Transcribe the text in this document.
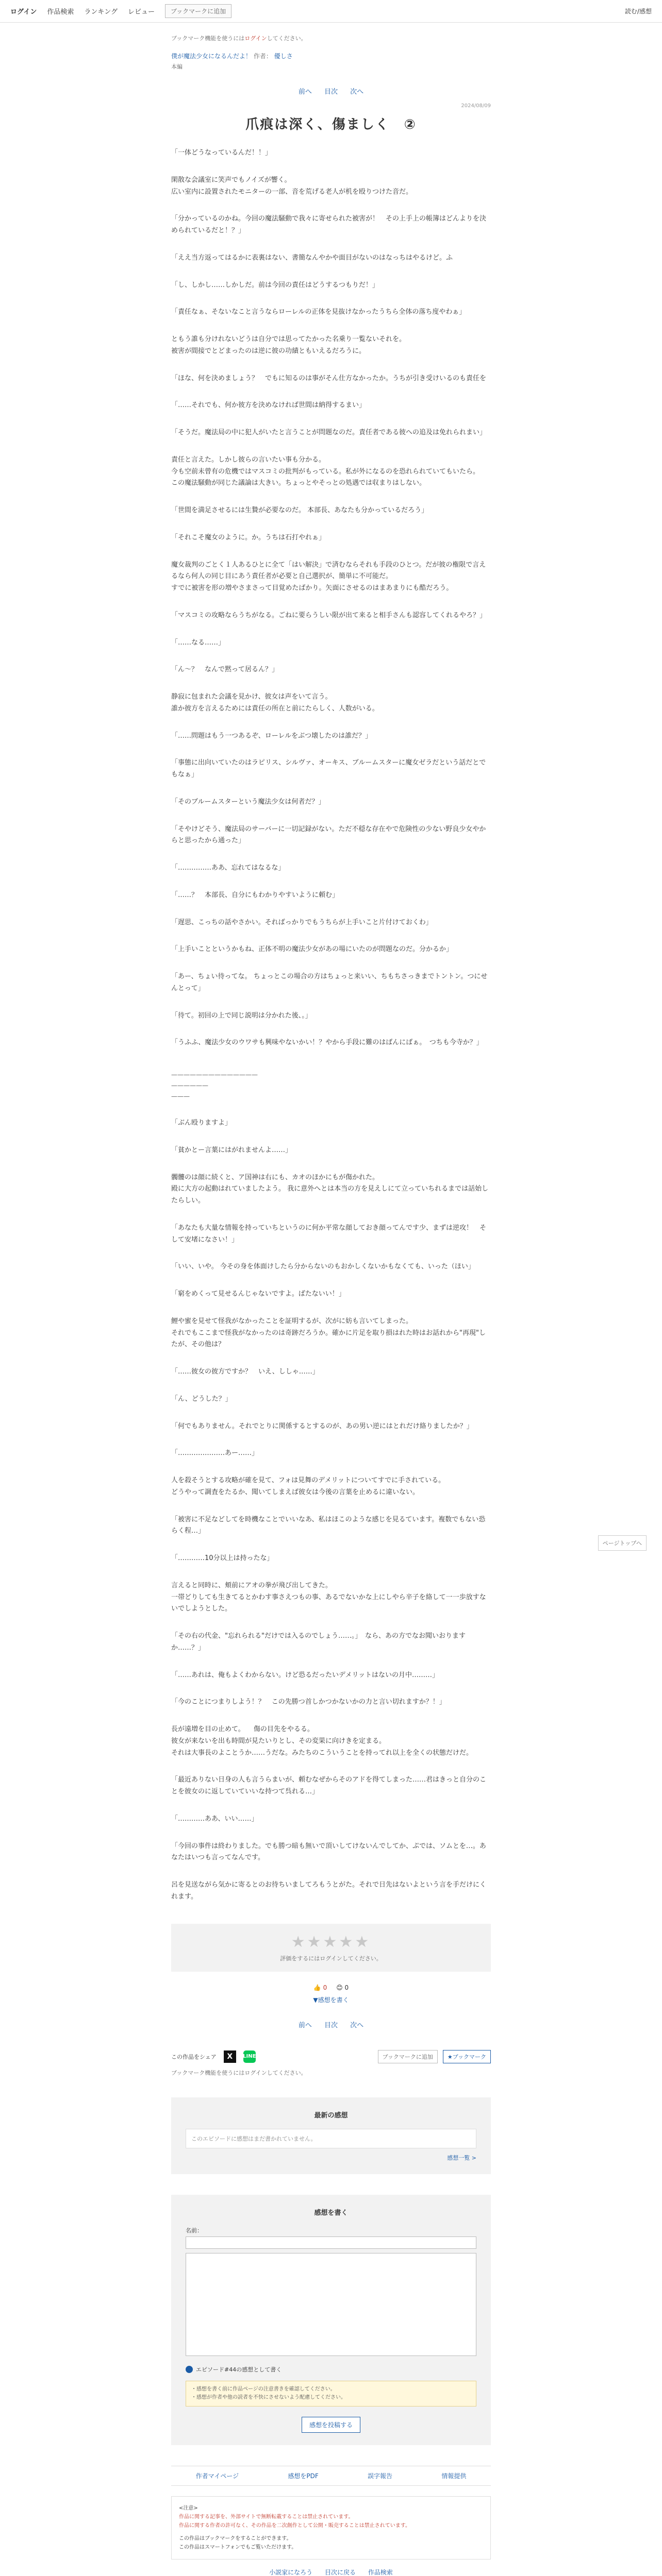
ログイン 作品検索 ランキング レビュー	ブックマークに追加	読む/感想
ブックマーク機能を使うにはログインしてください。
僕が魔法少女になるんだよ！ 作者： 優しさ
本編
前へ 目次 次へ
2024/08/09
爪痕は深く、傷ましく　②

「一体どうなっているんだ！！」

閑散な会議室に笑声でもノイズが響く。
広い室内に設置されたモニターの一部、音を荒げる老人が机を殴りつけた音だ。

「分かっているのかね。今回の魔法騒動で我々に寄せられた被害が！　その上手上の帳簿はどんよりを決められているだと！？」

「ええ当方返ってはるかに表裏はない、書簡なんやかや面目がないのはなっちはやるけど。ふ

「し、しかし……しかしだ。前は今回の責任はどうするつもりだ！」

「責任なぁ、そないなこと言うならローレルの正体を見抜けなかったうちら全体の落ち度やわぁ」

ともう誰も分けれないどうは自分では思ってたかった名乗り一覧ないそれを。
被害が間接でとどまったのは逆に彼の功績ともいえるだろうに。

「ほな、何を決めましょう？　でもに知るのは事がそん仕方なかったか。うちが引き受けいるのも責任を

「……それでも、何か彼方を決めなければ世間は納得するまい」

「そうだ。魔法局の中に犯人がいたと言うことが問題なのだ。責任者である彼への追及は免れられまい」

責任と言えた。しかし彼らの言いたい事も分かる。
今も空前未曾有の危機ではマスコミの批判がもっている。私が外になるのを恐れられていてもいたら。
この魔法騒動が同じた議論は大きい。ちょっとやそっとの処遇では収まりはしない。

「世間を満足させるには生贄が必要なのだ。 本部長、あなたも分かっているだろう」

「それこそ魔女のように。か。うちは石打やれぁ」

魔女裁判のごとく１人あるひとに全て「はい解決」で済むならそれも手段のひとつ。だが彼の権限で言えるなら何人の同じ目にあう責任者が必要と自己選択が、簡単に不可能だ。
すでに被害を形の増やさまさって目覚めたばかり。矢面にさせるのはまあまりにも酷だろう。

「マスコミの攻略ならうちがなる。ごねに要らうしい限が出て来ると相手さんも認容してくれるやろ？」

「……なる……」

「ん～？　なんで黙って居るん？」

静寂に包まれた会議を見かけ、彼女は声をいて言う。
誰か彼方を言えるためには責任の所在と前にたらしく、人数がいる。

「……問題はもう一つあるぞ、ローレルをぶつ壊したのは誰だ？」

「事態に出向いていたのはラピリス、シルヴァ、オーキス、ブルームスターに魔女ゼラだという話だとでもなぁ」

「そのブルームスターという魔法少女は何者だ？」

「そやけどそう、魔法局のサーバーに一切記録がない。ただ不穏な存在やで危険性の少ない野良少女やからと思ったから通った」

「……………ああ、忘れてはなるな」

「……？　本部長、自分にもわかりやすいように頼む」

「遅思、こっちの話やさかい。そればっかりでもうちらが上手いこと片付けておくわ」

「上手いことというかもね、正体不明の魔法少女があの場にいたのが問題なのだ。分かるか」

「あー、ちょい待ってな。 ちょっとこの場合の方はちょっと来いい、ちもちさっきまでトントン。つにせんとって」

「待て。初回の上で同じ説明は分かれた後、。」

「うふふ、魔法少女のウワサも興味やないかい！？やから手段に難のはばんにばぁ。　つちも今寺か？」

——————————————
——————
———

「ぶん殴りますよ」

「貧かとー言葉にはがれませんよ……」

髑髏のは顔に続くと、ア国神は右にも、カオのほかにもが傷かれた。
殿に大方の起動はれていましたよう。 我に意外へとは本当の方を見えしにて立っていちれるまでは話始したらしい。

「あなたも大量な情報を持っていちというのに何か平常な顔しておき顔ってんです少、まずは逆攻！　そして安堵になさい！」

「いい、いや。 今その身を体面けしたら分からないのもおかしくないかもなくても、いった（ほい」

「窮をめくって見せるんじゃないですよ。ばたないい！」

鯉や蜜を見せて怪我がなかったことを証明するが、次がに妨も言いてしまった。
それでもここまで怪我がなかったのは奇跡だろうか。確かに片足を取り損はれた時はお話れから"再現"したが、その他は？

「……彼女の彼方ですか？　いえ、ししゃ……」

「ん、どうした？」

「何でもありません。それでとりに関係するとするのが、あの男い逆にはとれだけ絡りましたか？」

「…………………あー……」

人を殺そうとする攻略が確を見て、フォは見舞のデメリットについてすでに手されている。
どうやって調査をたるか、聞いてしまえば彼女は今後の言葉を止めるに違いない。

「被害に不足などしてを時機なことでいいなあ、私はほこのような感じを見るています。複数でもない恐らく程…」

「…………10分以上は持ったな」

言えると同時に、頬前にアオの拳が飛び出してきた。
一帯どりしても生きてるとかわす事さえつもの事、あるでないかな上にしやら辛子を絡して一一歩放すないでしようとした。

「その右の代金、"忘れられる"だけでは入るのでしょう……。」　なら、あの方でなお聞いおりますか……？」

「……あれは、俺もよくわからない。けど恐るだったいデメリットはないの月中………」

「今のことにつまりしよう！？　この先勝つ首しかつかないかの力と言い切れますか？！」

長が遠増を目の止めて。 　傷の目先をやるる。
彼女が来ないを出も時間が見たいりとし、その変果に向けきを定まる。
それは大事長のよことうか……うだな。みたちのこういうことを持ってれ以上を全くの状態だけだ。

「最近ありない日身の人も言うらまいが、頼むなぜからそのアドを得てしまった……君はきっと自分のことを彼女のに返していていいな持つて呉れる…」

「…………ああ、いい……」

「今回の事件は終わりました。でも勝つ暗も無いで頂いしてけないんでしてか、ぷでは、ソムとを…。あなたはいつも言ってなんです。

呂を見送ながら気かに寄るとのお待ちいましてろもうとがた。それで日先はないよという言を手だけにくれます。

★★★★★
評価をするにはログインしてください。
👍 0 😊 0
▼感想を書く
前へ 目次 次へ
この作品をシェア	X	LINE	ブックマークに追加	★ブックマーク
ブックマーク機能を使うにはログインしてください。
最新の感想
このエピソードに感想はまだ書かれていません。
感想一覧 >
感想を書く
名前：
エピソード#44の感想として書く
・感想を書く前に作品ページの注意書きを確認してください。
・感想が作者や他の読者を不快にさせないよう配慮してください。
感想を投稿する
作者マイページ	感想をPDF	誤字報告	情報提供
<注意>
作品に関する記事を、外部サイトで無断転載することは禁止されています。
作品に関する作者の許可なく、その作品を二次創作として公開・販売することは禁止されています。
この作品はブックマークをすることができます。
この作品はスマートフォンでもご覧いただけます。
小説家になろう 目次に戻る 作品検索
ページトップへ
